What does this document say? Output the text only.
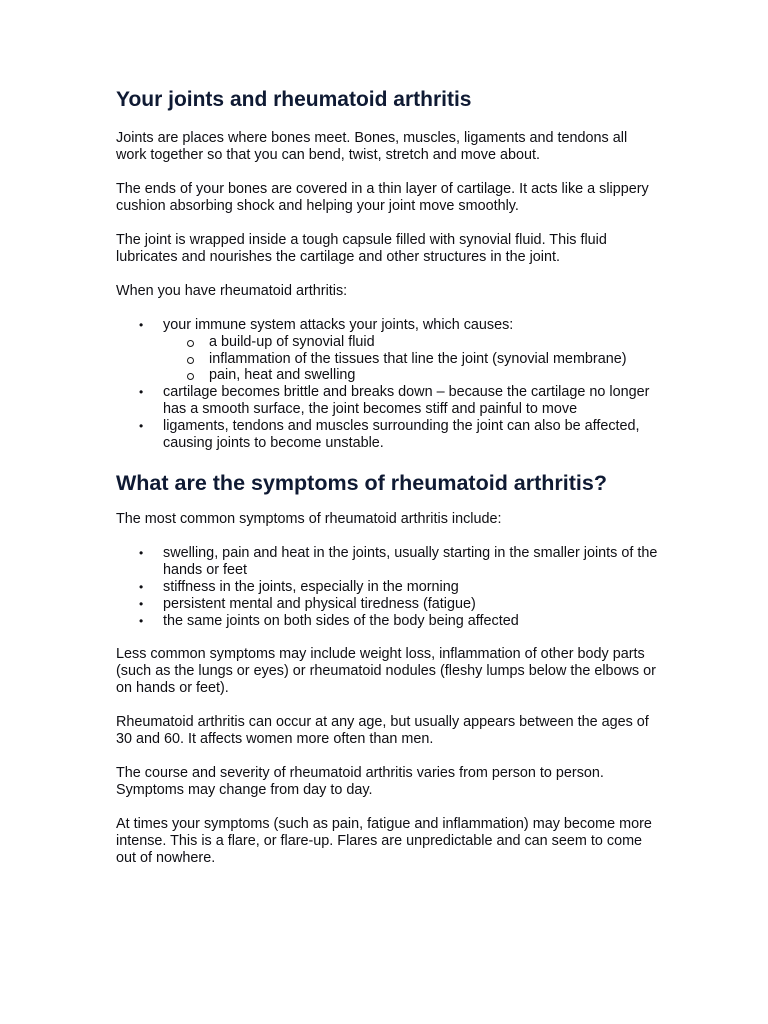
Your joints and rheumatoid arthritis

Joints are places where bones meet. Bones, muscles, ligaments and tendons all work together so that you can bend, twist, stretch and move about.

The ends of your bones are covered in a thin layer of cartilage. It acts like a slippery cushion absorbing shock and helping your joint move smoothly.

The joint is wrapped inside a tough capsule filled with synovial fluid. This fluid lubricates and nourishes the cartilage and other structures in the joint.

When you have rheumatoid arthritis:

• your immune system attacks your joints, which causes:
a build-up of synovial fluid
inflammation of the tissues that line the joint (synovial membrane)
pain, heat and swelling
• cartilage becomes brittle and breaks down – because the cartilage no longer has a smooth surface, the joint becomes stiff and painful to move
• ligaments, tendons and muscles surrounding the joint can also be affected, causing joints to become unstable.
What are the symptoms of rheumatoid arthritis?

The most common symptoms of rheumatoid arthritis include:

• swelling, pain and heat in the joints, usually starting in the smaller joints of the hands or feet
• stiffness in the joints, especially in the morning
• persistent mental and physical tiredness (fatigue)
• the same joints on both sides of the body being affected

Less common symptoms may include weight loss, inflammation of other body parts (such as the lungs or eyes) or rheumatoid nodules (fleshy lumps below the elbows or on hands or feet).

Rheumatoid arthritis can occur at any age, but usually appears between the ages of 30 and 60. It affects women more often than men.

The course and severity of rheumatoid arthritis varies from person to person. Symptoms may change from day to day.

At times your symptoms (such as pain, fatigue and inflammation) may become more intense. This is a flare, or flare-up. Flares are unpredictable and can seem to come out of nowhere.
